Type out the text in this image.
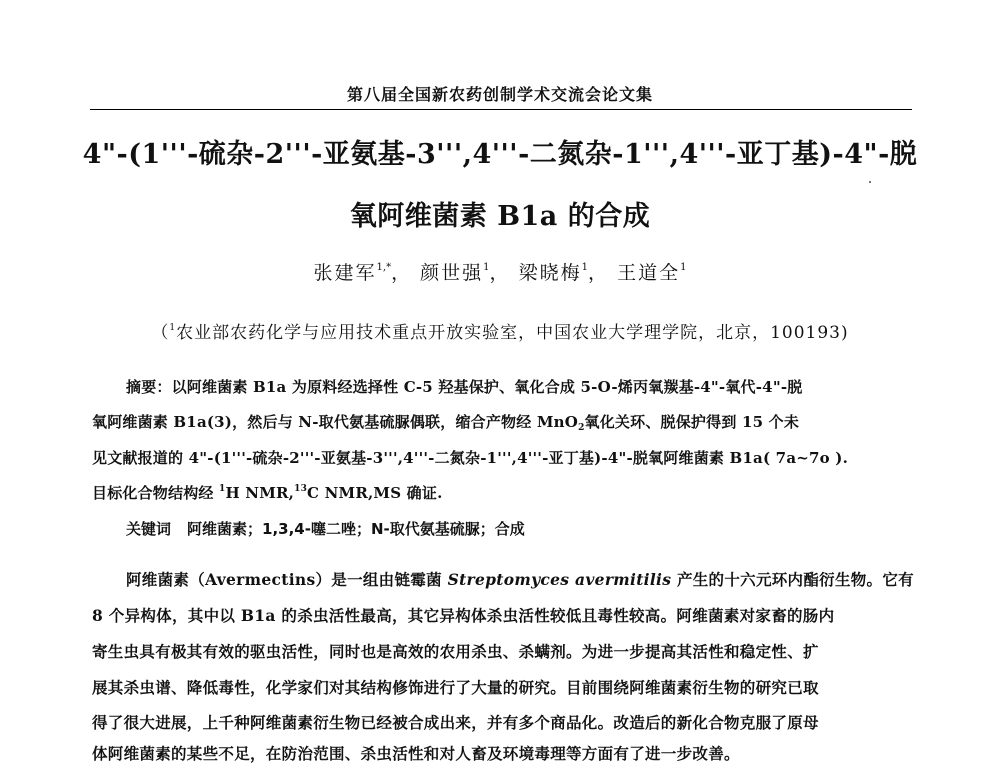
第八届全国新农药创制学术交流会论文集
4"-(1'''-硫杂-2'''-亚氨基-3''',4'''-二氮杂-1''',4'''-亚丁基)-4"-脱
氧阿维菌素 B1a 的合成
张建军$^{1,*}$， 颜世强$^1$， 梁晓梅$^1$， 王道全$^1$
（$^1$农业部农药化学与应用技术重点开放实验室，中国农业大学理学院，北京，100193)
摘要：以阿维菌素 B1a 为原料经选择性 C-5 羟基保护、氧化合成 5-O-烯丙氧羰基-4"-氧代-4"-脱
氧阿维菌素 B1a(3)，然后与 N-取代氨基硫脲偶联，缩合产物经 MnO$_2$氧化关环、脱保护得到 15 个未
见文献报道的 4"-(1'''-硫杂-2'''-亚氨基-3''',4'''-二氮杂-1''',4'''-亚丁基)-4"-脱氧阿维菌素 B1a( 7a~7o ).
目标化合物结构经 $^1$H NMR,$^{13}$C NMR,MS 确证.
关键词 阿维菌素；1,3,4-噻二唑；N-取代氨基硫脲；合成
阿维菌素（Avermectins）是一组由链霉菌 Streptomyces avermitilis 产生的十六元环内酯衍生物。它有
8 个异构体，其中以 B1a 的杀虫活性最高，其它异构体杀虫活性较低且毒性较高。阿维菌素对家畜的肠内
寄生虫具有极其有效的驱虫活性，同时也是高效的农用杀虫、杀螨剂。为进一步提高其活性和稳定性、扩
展其杀虫谱、降低毒性，化学家们对其结构修饰进行了大量的研究。目前围绕阿维菌素衍生物的研究已取
得了很大进展，上千种阿维菌素衍生物已经被合成出来，并有多个商品化。改造后的新化合物克服了原母
体阿维菌素的某些不足，在防治范围、杀虫活性和对人畜及环境毒理等方面有了进一步改善。
